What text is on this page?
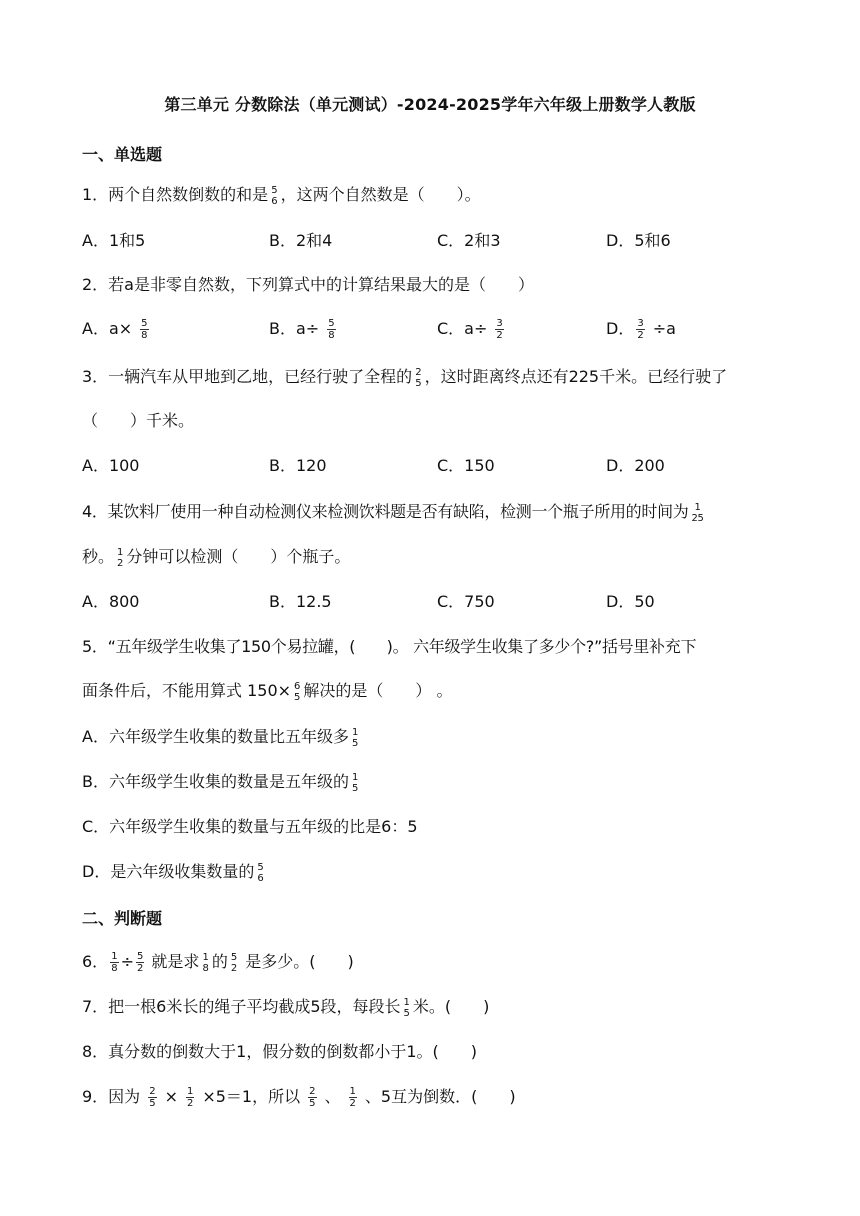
第三单元 分数除法（单元测试）-2024-2025学年六年级上册数学人教版
一、单选题
1．两个自然数倒数的和是 5
6 ，这两个自然数是（　　）。
A．1和5	B．2和4	C．2和3	D．5和6
2．若a是非零自然数，下列算式中的计算结果最大的是（　　）
A．$a\times \frac{5}{8}$	B．$a\div \frac{5}{8}$	C．$a\div \frac{3}{2}$	D． $\frac{3}{2} \div a$
3．一辆汽车从甲地到乙地，已经行驶了全程的 2
5 ，这时距离终点还有225千米。已经行驶了
（　　）千米。
A．100	B．120	C．150	D．200
4．某饮料厂使用一种自动检测仪来检测饮料题是否有缺陷，检测一个瓶子所用的时间为 1
25
秒。 1
2 分钟可以检测（　　）个瓶子。
A．800	B．12.5	C．750	D．50
5．“五年级学生收集了150个易拉罐，(　　)。 六年级学生收集了多少个?”括号里补充下
面条件后，不能用算式 150× 6
5 解决的是（　　） 。
A．六年级学生收集的数量比五年级多 1
5
B．六年级学生收集的数量是五年级的 1
5
C．六年级学生收集的数量与五年级的比是6：5
D．是六年级收集数量的 5
6
二、判断题
6． $\frac{1}{8} \div \frac{5}{2}$ 就是求 1
8 的 5
2 是多少。(　　)
7．把一根6米长的绳子平均截成5段，每段长 1
5 米。(　　)
8．真分数的倒数大于1，假分数的倒数都小于1。(　　)
9．因为 $\frac{2}{5} \times \frac{1}{2} \times 5=1$，所以 $\frac{2}{5}$ 、 $\frac{1}{2}$ 、5互为倒数．(　　)
